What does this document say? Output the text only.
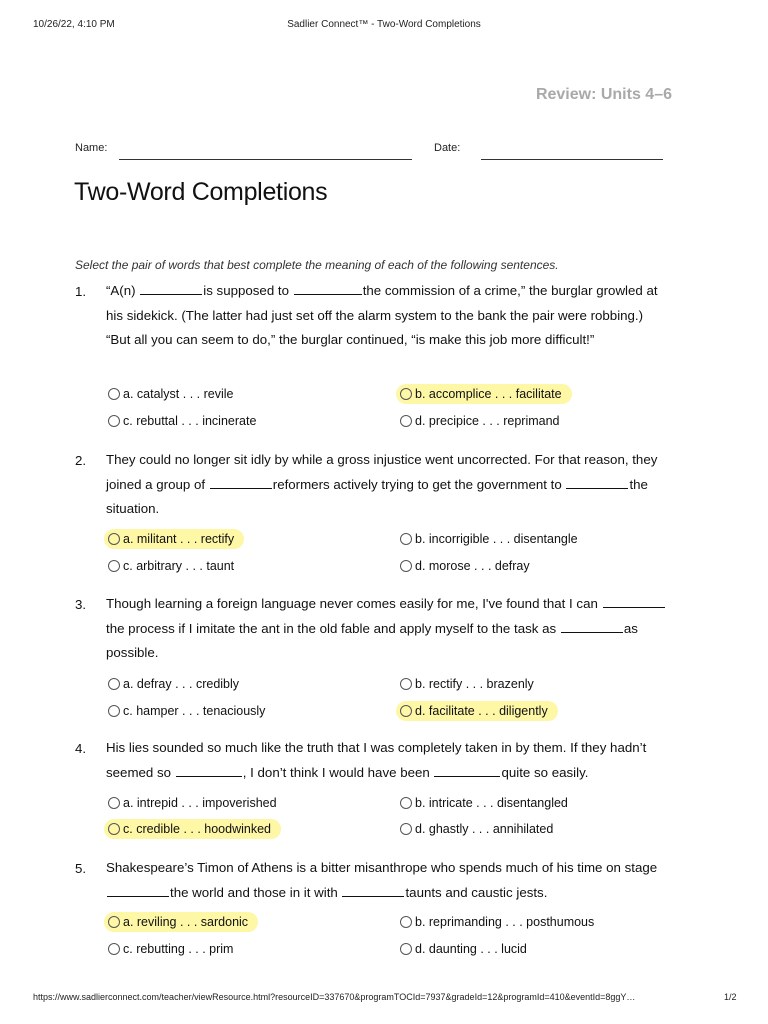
10/26/22, 4:10 PM	Sadlier Connect™ - Two-Word Completions
Review: Units 4–6
Name:	Date:
Two-Word Completions
Select the pair of words that best complete the meaning of each of the following sentences.
1. “A(n)	is supposed to	the commission of a crime,” the burglar growled at his sidekick. (The latter had just set off the alarm system to the bank the pair were robbing.) “But all you can seem to do,” the burglar continued, “is make this job more difficult!”
a. catalyst . . . revile	b. accomplice . . . facilitate
c. rebuttal . . . incinerate	d. precipice . . . reprimand
2. They could no longer sit idly by while a gross injustice went uncorrected. For that reason, they joined a group of	reformers actively trying to get the government to	the situation.
a. militant . . . rectify	b. incorrigible . . . disentangle
c. arbitrary . . . taunt	d. morose . . . defray
3. Though learning a foreign language never comes easily for me, I've found that I can the process if I imitate the ant in the old fable and apply myself to the task as	as possible.
a. defray . . . credibly	b. rectify . . . brazenly
c. hamper . . . tenaciously	d. facilitate . . . diligently
4. His lies sounded so much like the truth that I was completely taken in by them. If they hadn’t seemed so	, I don’t think I would have been	quite so easily.
a. intrepid . . . impoverished	b. intricate . . . disentangled
c. credible . . . hoodwinked	d. ghastly . . . annihilated
5. Shakespeare’s Timon of Athens is a bitter misanthrope who spends much of his time on stage the world and those in it with	taunts and caustic jests.
a. reviling . . . sardonic	b. reprimanding . . . posthumous
c. rebutting . . . prim	d. daunting . . . lucid
https://www.sadlierconnect.com/teacher/viewResource.html?resourceID=337670&programTOCId=7937&gradeId=12&programId=410&eventId=8ggY…	1/2
